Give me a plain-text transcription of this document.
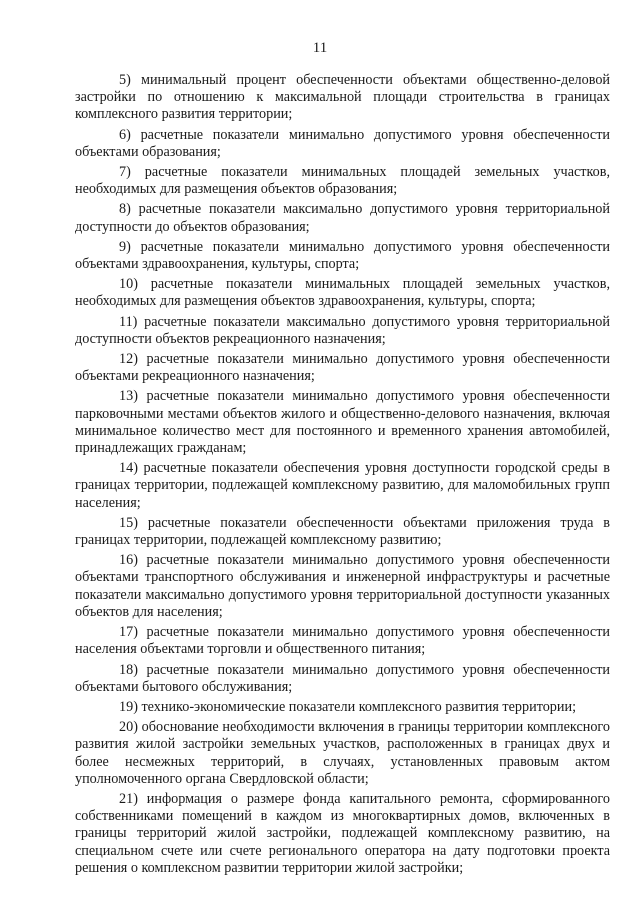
11

5) минимальный процент обеспеченности объектами общественно-деловой застройки по отношению к максимальной площади строительства в границах комплексного развития территории;

6) расчетные показатели минимально допустимого уровня обеспеченности объектами образования;

7) расчетные показатели минимальных площадей земельных участков, необходимых для размещения объектов образования;

8) расчетные показатели максимально допустимого уровня территориальной доступности до объектов образования;

9) расчетные показатели минимально допустимого уровня обеспеченности объектами здравоохранения, культуры, спорта;

10) расчетные показатели минимальных площадей земельных участков, необходимых для размещения объектов здравоохранения, культуры, спорта;

11) расчетные показатели максимально допустимого уровня территориальной доступности объектов рекреационного назначения;

12) расчетные показатели минимально допустимого уровня обеспеченности объектами рекреационного назначения;

13) расчетные показатели минимально допустимого уровня обеспеченности парковочными местами объектов жилого и общественно-делового назначения, включая минимальное количество мест для постоянного и временного хранения автомобилей, принадлежащих гражданам;

14) расчетные показатели обеспечения уровня доступности городской среды в границах территории, подлежащей комплексному развитию, для маломобильных групп населения;

15) расчетные показатели обеспеченности объектами приложения труда в границах территории, подлежащей комплексному развитию;

16) расчетные показатели минимально допустимого уровня обеспеченности объектами транспортного обслуживания и инженерной инфраструктуры и расчетные показатели максимально допустимого уровня территориальной доступности указанных объектов для населения;

17) расчетные показатели минимально допустимого уровня обеспеченности населения объектами торговли и общественного питания;

18) расчетные показатели минимально допустимого уровня обеспеченности объектами бытового обслуживания;

19) технико-экономические показатели комплексного развития территории;

20) обоснование необходимости включения в границы территории комплексного развития жилой застройки земельных участков, расположенных в границах двух и более несмежных территорий, в случаях, установленных правовым актом уполномоченного органа Свердловской области;

21) информация о размере фонда капитального ремонта, сформированного собственниками помещений в каждом из многоквартирных домов, включенных в границы территорий жилой застройки, подлежащей комплексному развитию, на специальном счете или счете регионального оператора на дату подготовки проекта решения о комплексном развитии территории жилой застройки;
